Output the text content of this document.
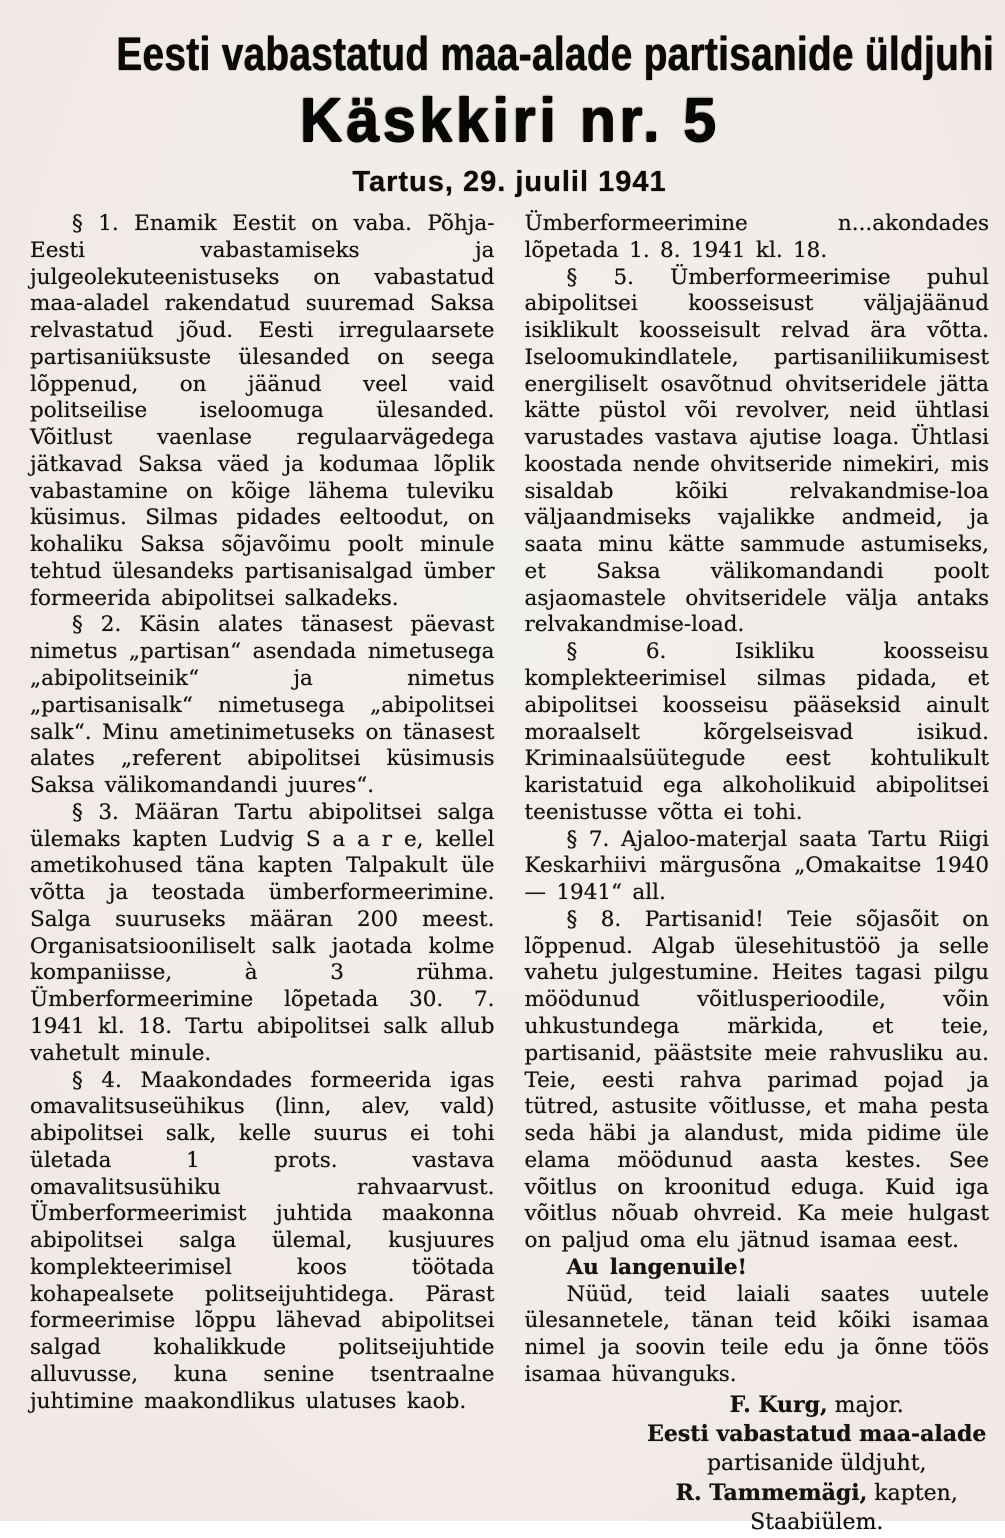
Eesti vabastatud maa-alade partisanide üldjuhi
Käskkiri nr. 5
Tartus, 29. juulil 1941

§ 1. Enamik Eestit on vaba. Põhja-Eesti vabastamiseks ja julgeolekuteenistuseks on vabastatud maa-aladel rakendatud suuremad Saksa relvastatud jõud. Eesti irregulaarsete partisaniüksuste ülesanded on seega lõppenud, on jäänud veel vaid politseilise iseloomuga ülesanded. Võitlust vaenlase regulaarvägedega jätkavad Saksa väed ja kodumaa lõplik vabastamine on kõige lähema tuleviku küsimus. Silmas pidades eeltoodut, on kohaliku Saksa sõjavõimu poolt minule tehtud ülesandeks partisanisalgad ümber formeerida abipolitsei salkadeks.

§ 2. Käsin alates tänasest päevast nimetus „partisan“ asendada nimetusega „abipolitseinik“ ja nimetus „partisanisalk“ nimetusega „abipolitsei salk“. Minu ametinimetuseks on tänasest alates „referent abipolitsei küsimusis Saksa välikomandandi juures“.

§ 3. Määran Tartu abipolitsei salga ülemaks kapten Ludvig S a a r e, kellel ametikohused täna kapten Talpakult üle võtta ja teostada ümberformeerimine. Salga suuruseks määran 200 meest. Organisatsiooniliselt salk jaotada kolme kompaniisse, à 3 rühma. Ümberformeerimine lõpetada 30. 7. 1941 kl. 18. Tartu abipolitsei salk allub vahetult minule.

§ 4. Maakondades formeerida igas omavalitsuseühikus (linn, alev, vald) abipolitsei salk, kelle suurus ei tohi ületada 1 prots. vastava omavalitsusühiku rahvaarvust. Ümberformeerimist juhtida maakonna abipolitsei salga ülemal, kusjuures komplekteerimisel koos töötada kohapealsete politseijuhtidega. Pärast formeerimise lõppu lähevad abipolitsei salgad kohalikkude politseijuhtide alluvusse, kuna senine tsentraalne juhtimine maakondlikus ulatuses kaob.

Ümberformeerimine n...akondades lõpetada 1. 8. 1941 kl. 18.

§ 5. Ümberformeerimise puhul abipolitsei koosseisust väljajäänud isiklikult koosseisult relvad ära võtta. Iseloomukindlatele, partisaniliikumisest energiliselt osavõtnud ohvitseridele jätta kätte püstol või revolver, neid ühtlasi varustades vastava ajutise loaga. Ühtlasi koostada nende ohvitseride nimekiri, mis sisaldab kõiki relvakandmise-loa väljaandmiseks vajalikke andmeid, ja saata minu kätte sammude astumiseks, et Saksa välikomandandi poolt asjaomastele ohvitseridele välja antaks relvakandmise-load.

§ 6. Isikliku koosseisu komplekteerimisel silmas pidada, et abipolitsei koosseisu pääseksid ainult moraalselt kõrgelseisvad isikud. Kriminaalsüütegude eest kohtulikult karistatuid ega alkoholikuid abipolitsei teenistusse võtta ei tohi.

§ 7. Ajaloo-materjal saata Tartu Riigi Keskarhiivi märgusõna „Omakaitse 1940 — 1941“ all.

§ 8. Partisanid! Teie sõjasõit on lõppenud. Algab ülesehitustöö ja selle vahetu julgestumine. Heites tagasi pilgu möödunud võitlusperioodile, võin uhkustundega märkida, et teie, partisanid, päästsite meie rahvusliku au. Teie, eesti rahva parimad pojad ja tütred, astusite võitlusse, et maha pesta seda häbi ja alandust, mida pidime üle elama möödunud aasta kestes. See võitlus on kroonitud eduga. Kuid iga võitlus nõuab ohvreid. Ka meie hulgast on paljud oma elu jätnud isamaa eest.

Au langenuile!

Nüüd, teid laiali saates uutele ülesannetele, tänan teid kõiki isamaa nimel ja soovin teile edu ja õnne töös isamaa hüvanguks.

F. Kurg, major.
Eesti vabastatud maa-alade
partisanide üldjuht,
R. Tammemägi, kapten,
Staabiülem.
